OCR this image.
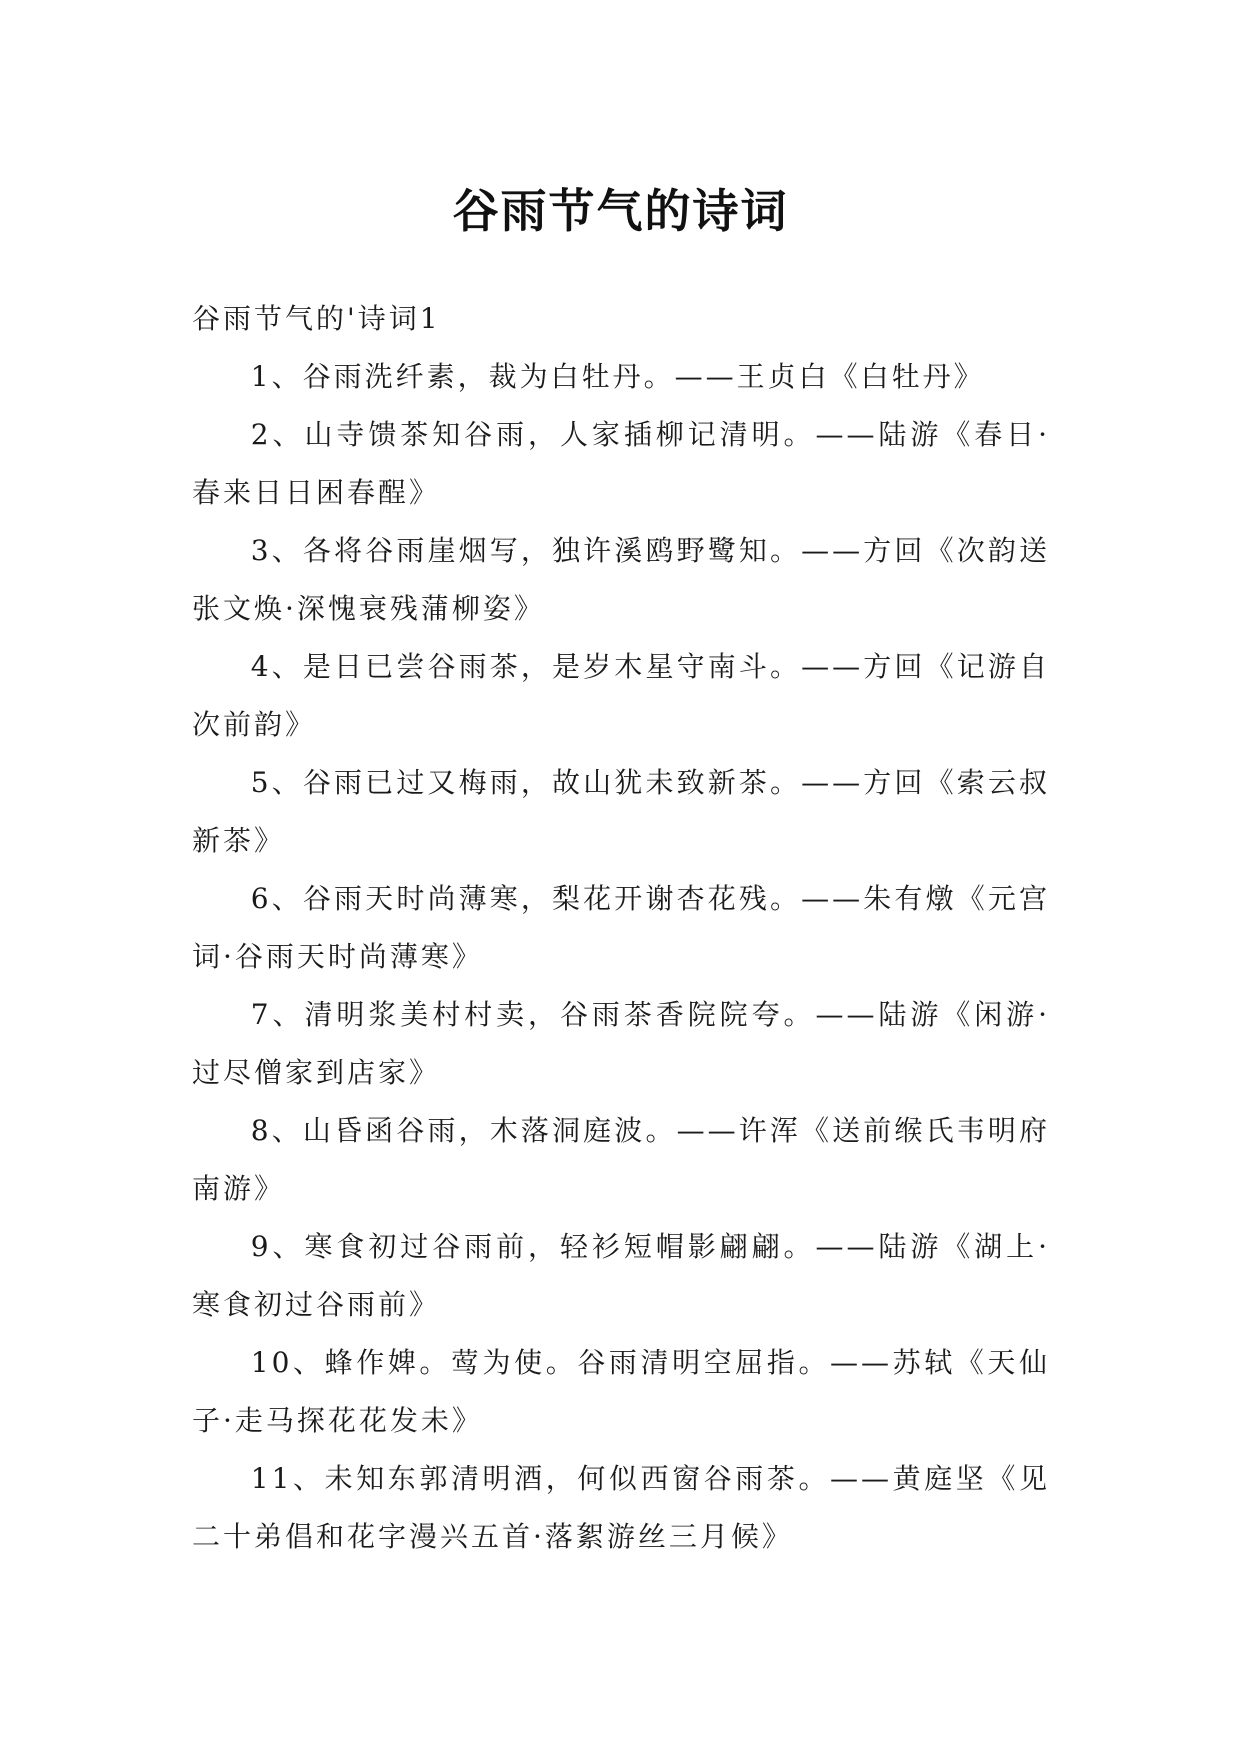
谷雨节气的诗词

谷雨节气的'诗词1

1、谷雨洗纤素，裁为白牡丹。——王贞白《白牡丹》
2、山寺馈茶知谷雨，人家插柳记清明。——陆游《春日·春来日日困春酲》
3、各将谷雨崖烟写，独许溪鸥野鹭知。——方回《次韵送张文焕·深愧衰残蒲柳姿》
4、是日已尝谷雨茶，是岁木星守南斗。——方回《记游自次前韵》
5、谷雨已过又梅雨，故山犹未致新茶。——方回《索云叔新茶》
6、谷雨天时尚薄寒，梨花开谢杏花残。——朱有燉《元宫词·谷雨天时尚薄寒》
7、清明浆美村村卖，谷雨茶香院院夸。——陆游《闲游·过尽僧家到店家》
8、山昏函谷雨，木落洞庭波。——许浑《送前缑氏韦明府南游》
9、寒食初过谷雨前，轻衫短帽影翩翩。——陆游《湖上·寒食初过谷雨前》
10、蜂作婢。莺为使。谷雨清明空屈指。——苏轼《天仙子·走马探花花发未》
11、未知东郭清明酒，何似西窗谷雨茶。——黄庭坚《见二十弟倡和花字漫兴五首·落絮游丝三月候》
